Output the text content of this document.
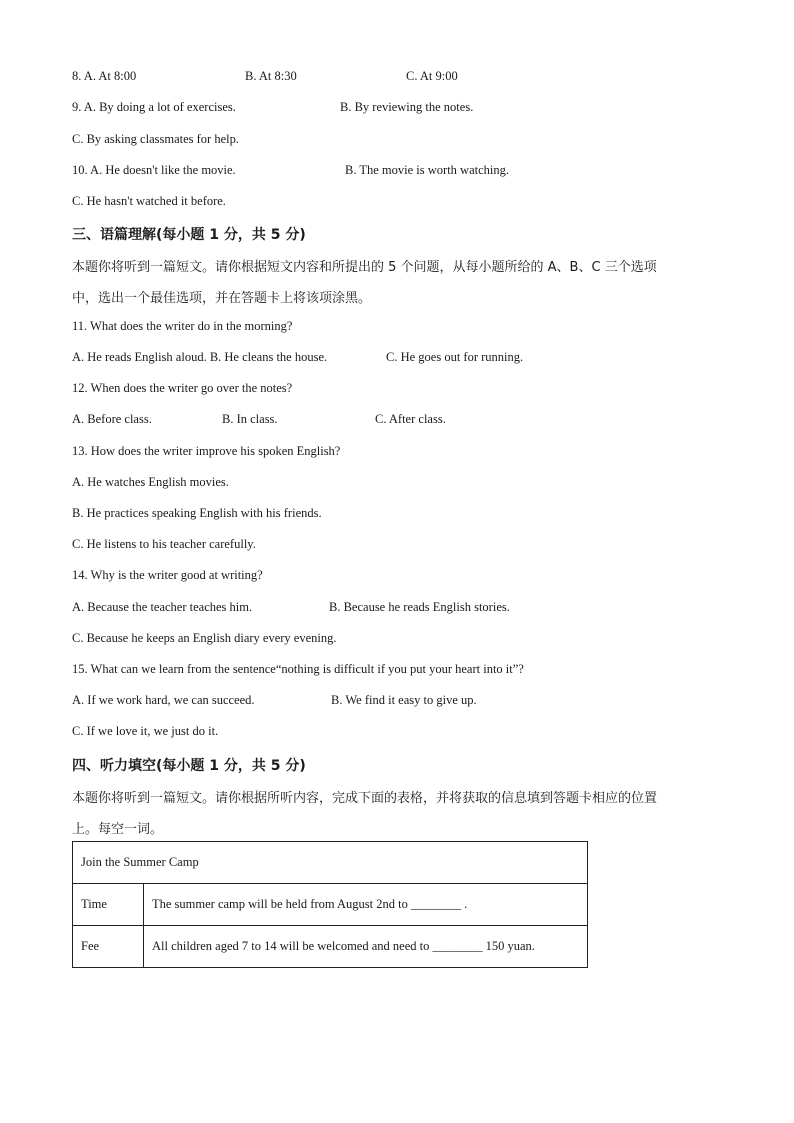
8. A. At 8:00	B. At 8:30	C. At 9:00
9. A. By doing a lot of exercises.	B. By reviewing the notes.
C. By asking classmates for help.
10. A. He doesn't like the movie.	B. The movie is worth watching.
C. He hasn't watched it before.
三、语篇理解(每小题 1 分，共 5 分)
本题你将听到一篇短文。请你根据短文内容和所提出的 5 个问题，从每小题所给的 A、B、C 三个选项
中，选出一个最佳选项，并在答题卡上将该项涂黑。
11. What does the writer do in the morning?
A. He reads English aloud. B. He cleans the house.	C. He goes out for running.
12. When does the writer go over the notes?
A. Before class.	B. In class.	C. After class.
13. How does the writer improve his spoken English?
A. He watches English movies.
B. He practices speaking English with his friends.
C. He listens to his teacher carefully.
14. Why is the writer good at writing?
A. Because the teacher teaches him.	B. Because he reads English stories.
C. Because he keeps an English diary every evening.
15. What can we learn from the sentence“nothing is difficult if you put your heart into it”?
A. If we work hard, we can succeed.	B. We find it easy to give up.
C. If we love it, we just do it.
四、听力填空(每小题 1 分，共 5 分)
本题你将听到一篇短文。请你根据所听内容，完成下面的表格，并将获取的信息填到答题卡相应的位置
上。每空一词。
Join the Summer Camp	
Time	The summer camp will be held from August 2nd to ________ .
Fee	All children aged 7 to 14 will be welcomed and need to ________ 150 yuan.
